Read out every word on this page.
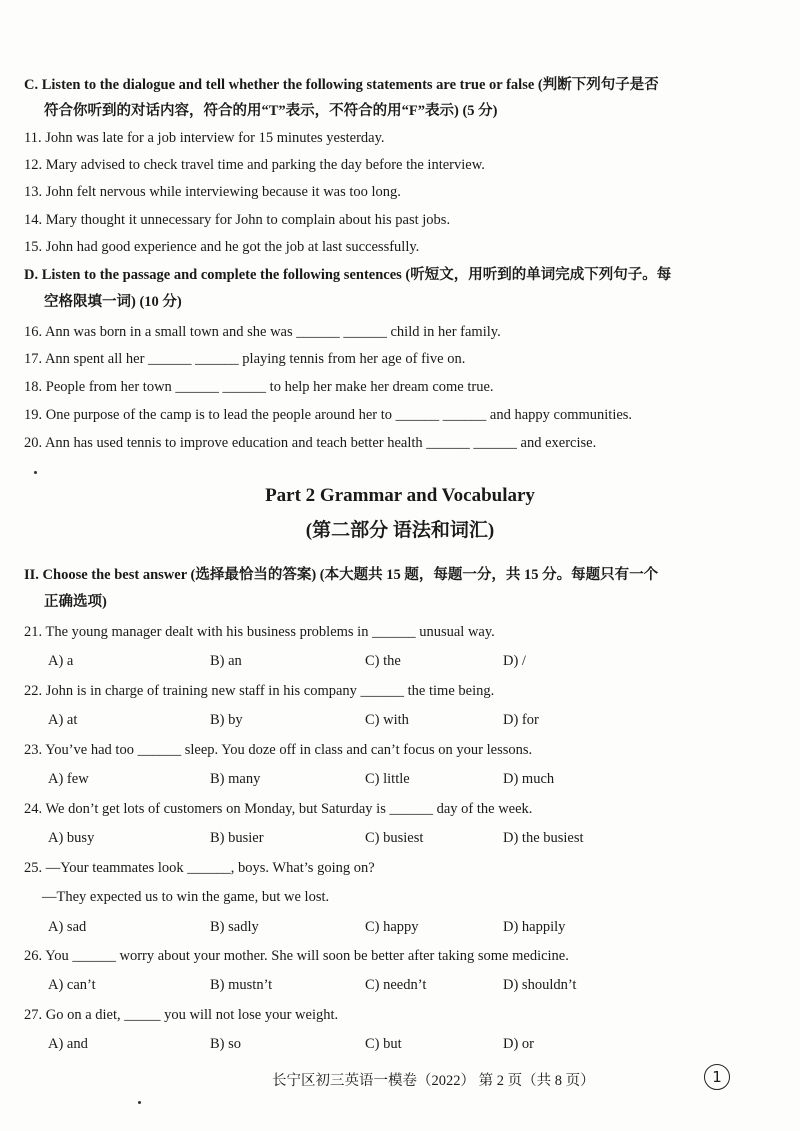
C. Listen to the dialogue and tell whether the following statements are true or false (判断下列句子是否
符合你听到的对话内容，符合的用“T”表示，不符合的用“F”表示) (5 分)
11. John was late for a job interview for 15 minutes yesterday.
12. Mary advised to check travel time and parking the day before the interview.
13. John felt nervous while interviewing because it was too long.
14. Mary thought it unnecessary for John to complain about his past jobs.
15. John had good experience and he got the job at last successfully.
D. Listen to the passage and complete the following sentences (听短文，用听到的单词完成下列句子。每
空格限填一词) (10 分)
16. Ann was born in a small town and she was ______ ______ child in her family.
17. Ann spent all her ______ ______ playing tennis from her age of five on.
18. People from her town ______ ______ to help her make her dream come true.
19. One purpose of the camp is to lead the people around her to ______ ______ and happy communities.
20. Ann has used tennis to improve education and teach better health ______ ______ and exercise.
Part 2 Grammar and Vocabulary
(第二部分 语法和词汇)
II. Choose the best answer (选择最恰当的答案) (本大题共 15 题，每题一分，共 15 分。每题只有一个
正确选项)
21. The young manager dealt with his business problems in ______ unusual way.
A) a	B) an	C) the	D) /
22. John is in charge of training new staff in his company ______ the time being.
A) at	B) by	C) with	D) for
23. You’ve had too ______ sleep. You doze off in class and can’t focus on your lessons.
A) few	B) many	C) little	D) much
24. We don’t get lots of customers on Monday, but Saturday is ______ day of the week.
A) busy	B) busier	C) busiest	D) the busiest
25. —Your teammates look ______, boys. What’s going on?
—They expected us to win the game, but we lost.
A) sad	B) sadly	C) happy	D) happily
26. You ______ worry about your mother. She will soon be better after taking some medicine.
A) can’t	B) mustn’t	C) needn’t	D) shouldn’t
27. Go on a diet, _____ you will not lose your weight.
A) and	B) so	C) but	D) or
长宁区初三英语一模卷（2022） 第 2 页（共 8 页）	1
